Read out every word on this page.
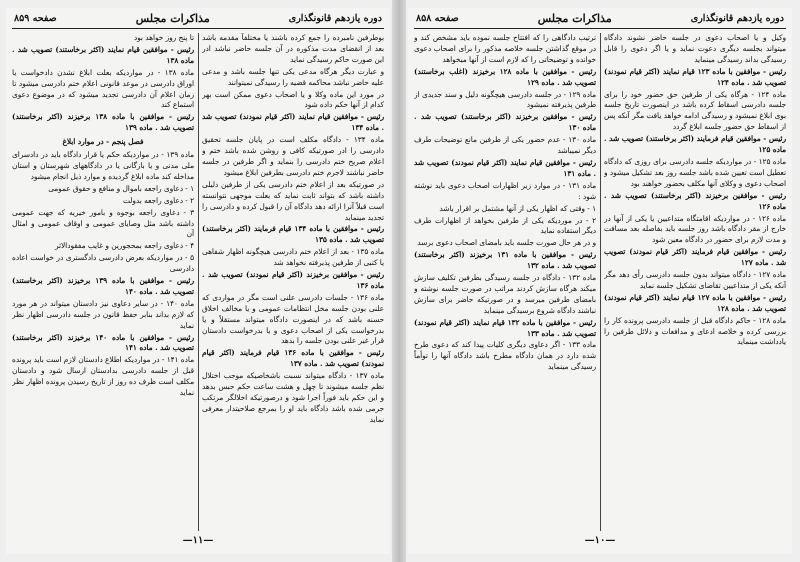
دوره یازدهم قانونگذاری
مذاکرات مجلس
صفحه ۸۵۹

بوطرفین نامبرده را جمع کرده باشند یا مختلفاً مقدمه باشد بعد از انقضای مدت مذکوره در آن جلسه حاضر نباشد ادر این صورت حاکم رسیدگی نماید

و عبارت دیگر هرگاه مدعی یکی تنها جلسه باشد و مدعی علیه حاضر نباشد محاکمه قضیه را رسیدگی نمیتوانند

در مورد این ماده وکلا و یا اصحاب دعوی ممکن است بهر کدام از آنها حکم داده شود

رئیس - موافقین قیام نمایند (اکثر قیام نمودند) تصویب شد . ماده ۱۳۴

ماده ۱۳۴ - دادگاه مکلف است در پایان جلسه تحقیق دادرسی را ادر صورتیکه کافی و روشن شده باشد ختم و اعلام صریح ختم دادرسی را بنماید و اگر طرفین در جلسه حاضر نباشند لاجرم ختم دادرسی بطرفین ابلاغ میشود

در صورتیکه بعد از اعلام ختم دادرسی یکی از طرفین دلیلی داشته باشد که بتواند ثابت نماید که بعلت موجهی نتوانسته است قبلاً آنرا ارائه دهد دادگاه آن را قبول کرده و دادرسی را تجدید مینماید

رئیس - موافقین با ماده ۱۳۴ قیام فرمایند (اکثر برخاستند) تصویب شد . ماده ۱۳۵

ماده ۱۳۵ - بعد از اعلام ختم دادرسی هیچگونه اظهار شفاهی یا کتبی از طرفین پذیرفته نخواهد شد

رئیس - موافقین برخیزند (اکثر قیام نمودند) تصویب شد . ماده ۱۳۶

ماده ۱۳۶ - جلسات دادرسی علنی است مگر در مواردی که علنی بودن جلسه مخل انتظامات عمومی و یا مخالف اخلاق حسنه باشد که در اینصورت دادگاه میتواند مستقلاً و یا بدرخواست یکی از اصحاب دعوی و یا بدرخواست دادستان قرار غیر علنی بودن جلسه را بدهد

رئیس - موافقین با ماده ۱۳۶ قیام فرمایند (اکثر قیام نمودند) تصویب شد . ماده ۱۳۷

ماده ۱۳۷ - دادگاه میتواند نسبت باشخاصیکه موجب اختلال نظم جلسه میشوند تا چهل و هشت ساعت حکم حبس بدهد و این حکم باید فوراً اجرا شود و درصورتیکه اخلالگر مرتکب جرمی شده باشد دادگاه باید او را بمرجع صلاحیتدار معرفی نماید

تا پنج روز خواهد بود

رئیس - موافقین قیام نمایند (اکثر برخاستند) تصویب شد . ماده ۱۳۸

ماده ۱۳۸ - در مواردیکه بعلت ابلاغ نشدن دادخواست یا اوراق دادرسی در موعد قانونی اعلام ختم دادرسی میشود تا زمان اعلام آن دادرسی تجدید میشود که در موضوع دعوی استماع کند

رئیس - موافقین با ماده ۱۳۸ برخیزند (اکثر برخاستند) تصویب شد . ماده ۱۳۹

فصل پنجم - در موارد ابلاغ

ماده ۱۳۹ - در مواردیکه حکم یا قرار دادگاه باید در دادسرای ملی مدنی و یا بازگانی یا در دادگاههای شهرستان و استان مداخله کند ماده ابلاغ گردیده و موارد ذیل انجام میشود

۱ - دعاوی راجعه باموال و منافع و حقوق عمومی

۲ - دعاوی راجعه بدولت

۳ - دعاوی راجعه بوجوه و بامور خیریه که جهت عمومی داشته باشد مثل وصایای عمومی و اوقاف عمومی و امثال آن

۴ - دعاوی راجعه بمحجورین و غایب مفقودالاثر

۵ - در مواردیکه بعرض دادرسی دادگستری در خواست اعاده دادرسی

رئیس - موافقین با ماده ۱۳۹ برخیزند (اکثر برخاستند) تصویب شد . ماده ۱۴۰

ماده ۱۴۰ - در سایر دعاوی نیز دادستان میتواند در هر مورد که لازم بداند بنابر حفظ قانون در جلسه دادرسی اظهار نظر نماید

رئیس - موافقین با ماده ۱۴۰ برخیزند (اکثر برخاستند) تصویب شد . ماده ۱۴۱

ماده ۱۴۱ - در مواردیکه اطلاع دادستان لازم است باید پرونده قبل از جلسه دادرسی بدادستان ارسال شود و دادستان مکلف است ظرف ده روز از تاریخ رسیدن پرونده اظهار نظر نماید

—۱۱—
دوره یازدهم قانونگذاری
مذاکرات مجلس
صفحه ۸۵۸

وکیل و یا اصحاب دعوی در جلسه حاضر نشوند دادگاه میتواند بجلسه دیگری دعوت نماید و یا اگر دعوی را قابل رسیدگی بداند رسیدگی مینماید

رئیس - موافقین با ماده ۱۲۳ قیام نمایند (اکثر قیام نمودند) تصویب شد . ماده ۱۲۴

ماده ۱۲۴ - هرگاه یکی از طرفین حق حضور خود را برای جلسه دادرسی اسقاط کرده باشد در اینصورت تاریخ جلسه بوی ابلاغ نمیشود و رسیدگی ادامه خواهد یافت مگر آنکه پس از اسقاط حق حضور جلسه ابلاغ گردد

رئیس - موافقین قیام فرمایند (اکثر برخاستند) تصویب شد . ماده ۱۲۵

ماده ۱۲۵ - در مواردیکه جلسه دادرسی برای روزی که دادگاه تعطیل است تعیین شده باشد جلسه روز بعد تشکیل میشود و اصحاب دعوی و وکلای آنها مکلف بحضور خواهند بود

رئیس - موافقین برخیزند (اکثر برخاستند) تصویب شد . ماده ۱۲۶

ماده ۱۲۶ - در مواردیکه اقامتگاه متداعیین یا یکی از آنها در خارج از مقر دادگاه باشد روز جلسه باید بفاصله بعد مسافت و مدت لازم برای حضور در دادگاه معین شود

رئیس - موافقین قیام فرمایند (اکثر قیام نمودند) تصویب شد . ماده ۱۲۷

ماده ۱۲۷ - دادگاه میتواند بدون جلسه دادرسی رأی دهد مگر آنکه یکی از متداعیین تقاضای تشکیل جلسه نماید

رئیس - موافقین با ماده ۱۲۷ قیام نمایند (اکثر قیام نمودند) تصویب شد . ماده ۱۲۸

ماده ۱۲۸ - حاکم دادگاه قبل از جلسه دادرسی پرونده کار را بررسی کرده و خلاصه ادعای و مدافعات و دلائل طرفین را یادداشت مینماید

ترتیب دادگاهی را که افتتاح جلسه نموده باید مشخص کند و در موقع گذاشتن جلسه خلاصه مذکور را برای اصحاب دعوی خوانده و توضیحاتی را که لازم است از آنها میخواهد

رئیس - موافقین با ماده ۱۲۸ برخیزند (اغلب برخاستند) تصویب شد . ماده ۱۲۹

ماده ۱۲۹ - در جلسه دادرسی هیچگونه دلیل و سند جدیدی از طرفین پذیرفته نمیشود

رئیس - موافقین برخیزند (اکثر برخاستند) تصویب شد . ماده ۱۳۰

ماده ۱۳۰ - عدم حضور یکی از طرفین مانع توضیحات طرف دیگر نمیباشد

رئیس - موافقین قیام نمایند (اکثر قیام نمودند) تصویب شد . ماده ۱۳۱

ماده ۱۳۱ - در موارد زیر اظهارات اصحاب دعوی باید نوشته شود :

۱ - وقتی که اظهار یکی از آنها مشتمل بر اقرار باشد

۲ - در موردیکه یکی از طرفین بخواهد از اظهارات طرف دیگر استفاده نماید

و در هر حال صورت جلسه باید بامضای اصحاب دعوی برسد

رئیس - موافقین با ماده ۱۳۱ برخیزند (اکثر برخاستند) تصویب شد . ماده ۱۳۲

ماده ۱۳۲ - دادگاه در جلسه رسیدگی بطرفین تکلیف سازش میکند هرگاه سازش کردند مراتب در صورت جلسه نوشته و بامضای طرفین میرسد و در صورتیکه حاضر برای سازش نباشند دادگاه شروع برسیدگی مینماید

رئیس - موافقین با ماده ۱۳۲ قیام نمایند (اکثر قیام نمودند) تصویب شد . ماده ۱۳۳

ماده ۱۳۳ - اگر دعاوی دیگری کلیات پیدا کند که دعوی طرح شده دارد در همان دادگاه مطرح باشد دادگاه آنها را توأماً رسیدگی مینماید

—۱۰—
